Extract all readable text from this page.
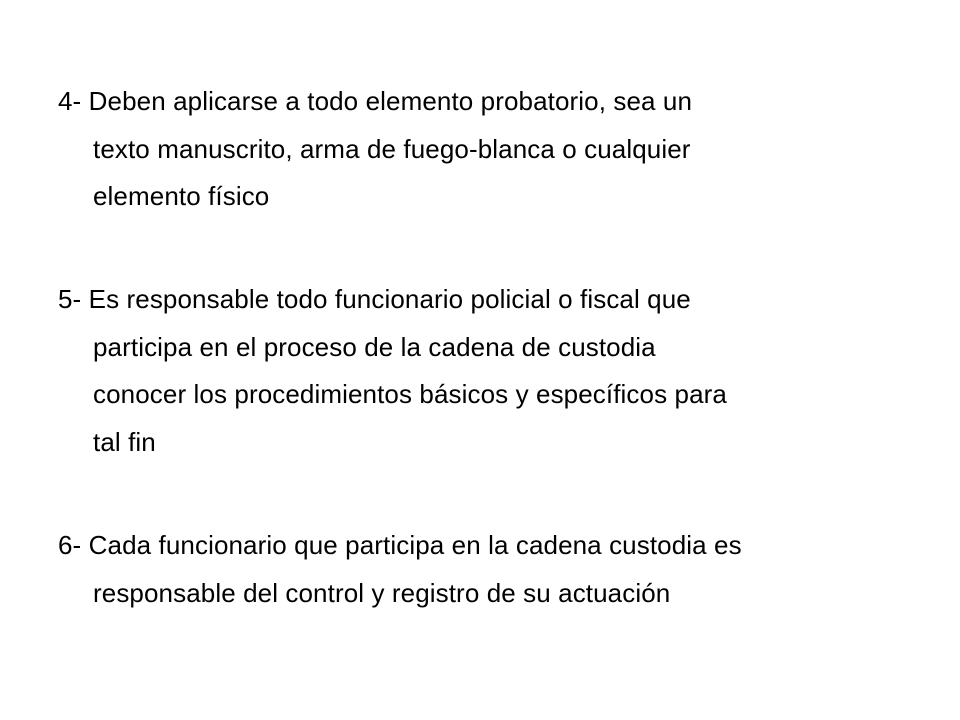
4- Deben aplicarse a todo elemento probatorio, sea un
texto manuscrito, arma de fuego-blanca o cualquier
elemento físico
5- Es responsable todo funcionario policial o fiscal que
participa en el proceso de la cadena de custodia
conocer los procedimientos básicos y específicos para
tal fin
6- Cada funcionario que participa en la cadena custodia es
responsable del control y registro de su actuación
